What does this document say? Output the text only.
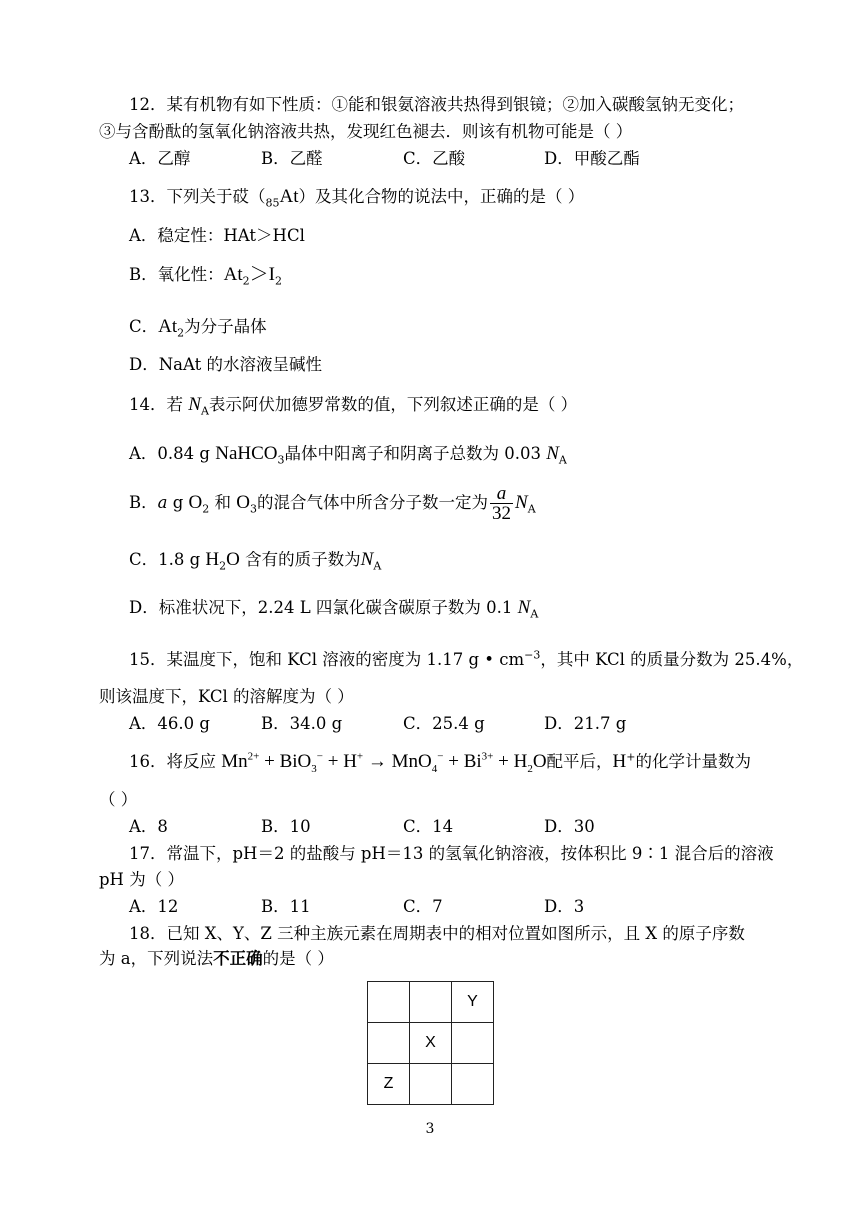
12．某有机物有如下性质：①能和银氨溶液共热得到银镜；②加入碳酸氢钠无变化；
③与含酚酞的氢氧化钠溶液共热，发现红色褪去．则该有机物可能是（ ）
A．乙醇	B．乙醛	C．乙酸	D．甲酸乙酯
13．下列关于砹$(_{85}At)$及其化合物的说法中，正确的是（ ）
A．稳定性：HAt＞HCl
B．氧化性：$At_2>I_2$
C．$At_2$为分子晶体
D．NaAt 的水溶液呈碱性
14．若 $N_A$表示阿伏加德罗常数的值，下列叙述正确的是（ ）
A．0.84 g NaHCO$_3$晶体中阳离子和阴离子总数为 0.03 $N_A$
B．a g $O_2$ 和 $O_3$的混合气体中所含分子数一定为 $\frac{a}{32} N_A$
C．1.8 g $H_2O$ 含有的质子数为$N_A$
D．标准状况下，2.24 L 四氯化碳含碳原子数为 0.1 $N_A$
15．某温度下，饱和 KCl 溶液的密度为 1.17 g • $cm^{-3}$，其中 KCl 的质量分数为 25.4%，
则该温度下，KCl 的溶解度为（ ）
A．46.0 g	B．34.0 g	C．25.4 g	D．21.7 g
16．将反应 $Mn^{2+} + BiO_3^- + H^+ \to MnO_4^- + Bi^{3+} + H_2O$配平后，H+的化学计量数为
（ ）
A．8	B．10	C．14	D．30
17．常温下，pH＝2 的盐酸与 pH＝13 的氢氧化钠溶液，按体积比 9∶1 混合后的溶液
pH 为（ ）
A．12	B．11	C．7	D．3
18．已知 X、Y、Z 三种主族元素在周期表中的相对位置如图所示，且 X 的原子序数
为 a，下列说法不正确的是（ ）
		Y
	X	
Z		
3
